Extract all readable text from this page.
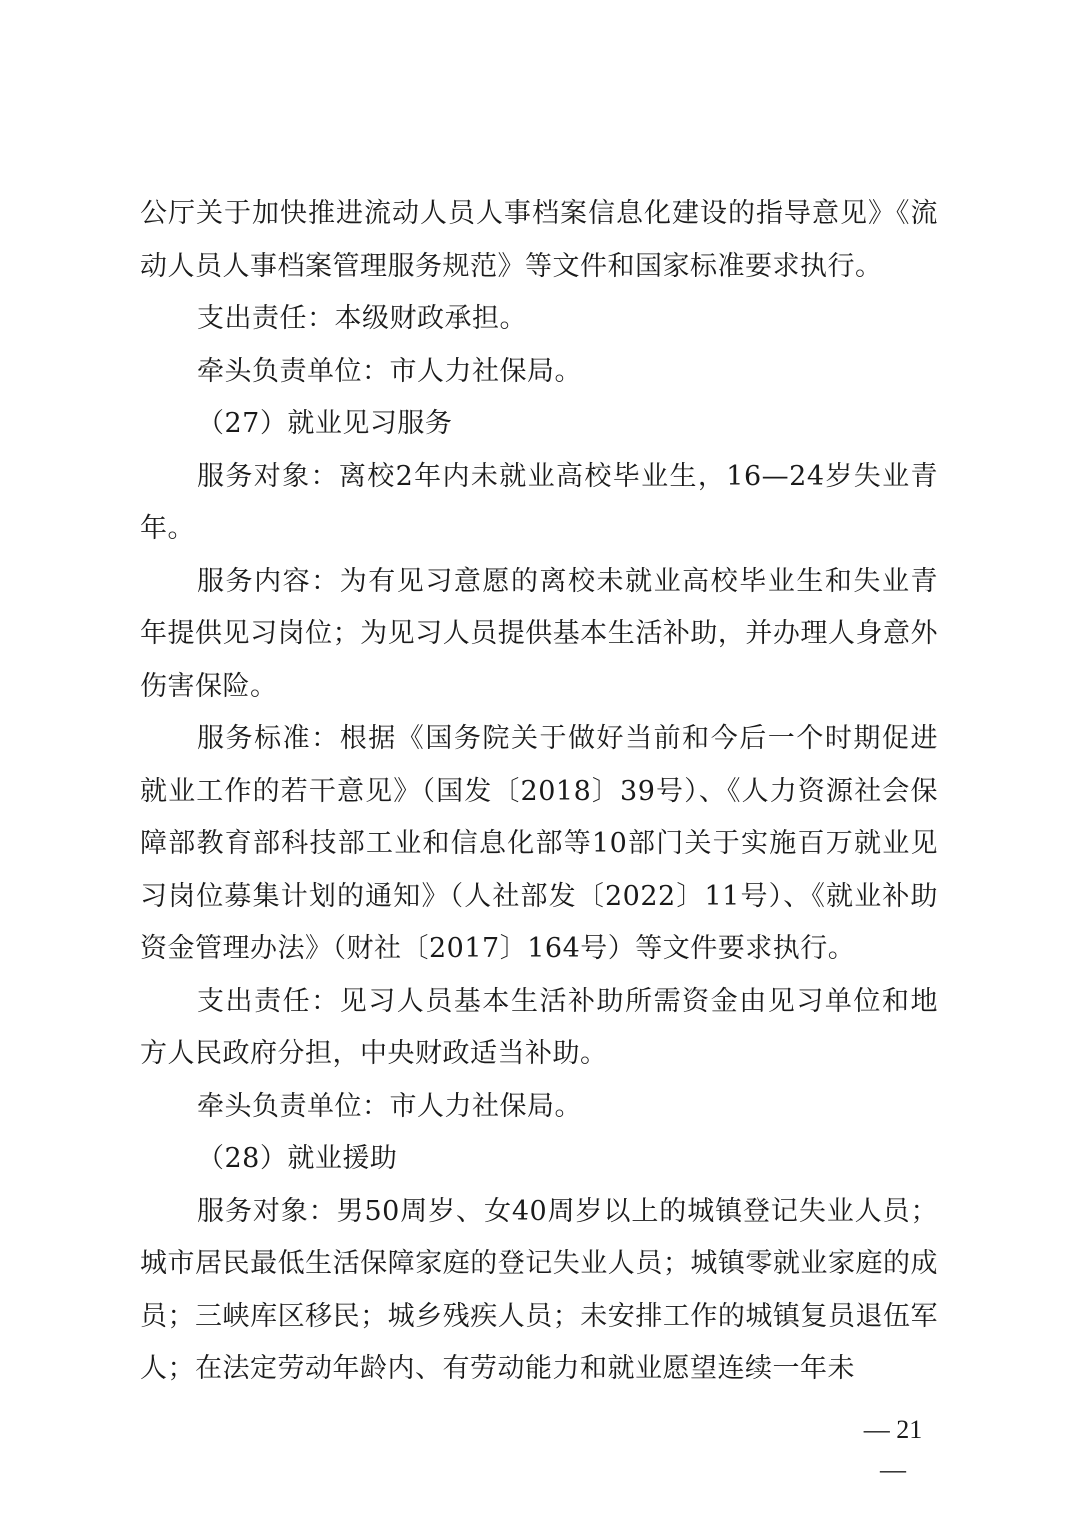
公厅关于加快推进流动人员人事档案信息化建设的指导意见》《流动人员人事档案管理服务规范》等文件和国家标准要求执行。

支出责任：本级财政承担。

牵头负责单位：市人力社保局。

（27）就业见习服务

服务对象：离校2年内未就业高校毕业生，16—24岁失业青年。

服务内容：为有见习意愿的离校未就业高校毕业生和失业青年提供见习岗位；为见习人员提供基本生活补助，并办理人身意外伤害保险。

服务标准：根据《国务院关于做好当前和今后一个时期促进就业工作的若干意见》（国发〔2018〕39号）、《人力资源社会保障部教育部科技部工业和信息化部等10部门关于实施百万就业见习岗位募集计划的通知》（人社部发〔2022〕11号）、《就业补助资金管理办法》（财社〔2017〕164号）等文件要求执行。

支出责任：见习人员基本生活补助所需资金由见习单位和地方人民政府分担，中央财政适当补助。

牵头负责单位：市人力社保局。

（28）就业援助

服务对象：男50周岁、女40周岁以上的城镇登记失业人员；城市居民最低生活保障家庭的登记失业人员；城镇零就业家庭的成员；三峡库区移民；城乡残疾人员；未安排工作的城镇复员退伍军人；在法定劳动年龄内、有劳动能力和就业愿望连续一年未

— 21 —
